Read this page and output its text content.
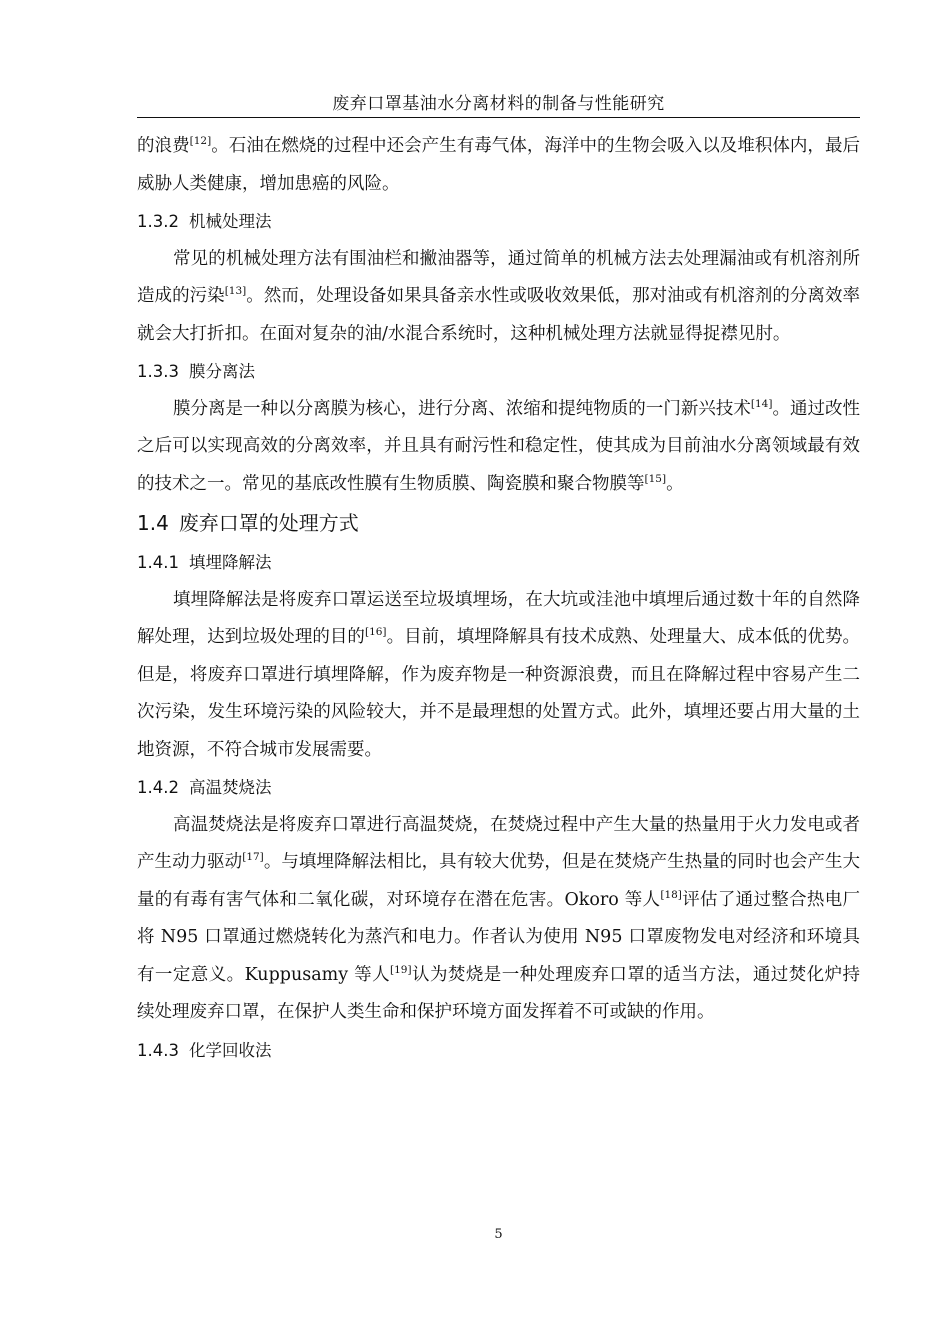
废弃口罩基油水分离材料的制备与性能研究

的浪费[12]。石油在燃烧的过程中还会产生有毒气体，海洋中的生物会吸入以及堆积体内，最后威胁人类健康，增加患癌的风险。

1.3.2 机械处理法

常见的机械处理方法有围油栏和撇油器等，通过简单的机械方法去处理漏油或有机溶剂所造成的污染[13]。然而，处理设备如果具备亲水性或吸收效果低，那对油或有机溶剂的分离效率就会大打折扣。在面对复杂的油/水混合系统时，这种机械处理方法就显得捉襟见肘。

1.3.3 膜分离法

膜分离是一种以分离膜为核心，进行分离、浓缩和提纯物质的一门新兴技术[14]。通过改性之后可以实现高效的分离效率，并且具有耐污性和稳定性，使其成为目前油水分离领域最有效的技术之一。常见的基底改性膜有生物质膜、陶瓷膜和聚合物膜等[15]。

1.4 废弃口罩的处理方式
1.4.1 填埋降解法

填埋降解法是将废弃口罩运送至垃圾填埋场，在大坑或洼池中填埋后通过数十年的自然降解处理，达到垃圾处理的目的[16]。目前，填埋降解具有技术成熟、处理量大、成本低的优势。但是，将废弃口罩进行填埋降解，作为废弃物是一种资源浪费，而且在降解过程中容易产生二次污染，发生环境污染的风险较大，并不是最理想的处置方式。此外，填埋还要占用大量的土地资源，不符合城市发展需要。

1.4.2 高温焚烧法

高温焚烧法是将废弃口罩进行高温焚烧，在焚烧过程中产生大量的热量用于火力发电或者产生动力驱动[17]。与填埋降解法相比，具有较大优势，但是在焚烧产生热量的同时也会产生大量的有毒有害气体和二氧化碳，对环境存在潜在危害。Okoro 等人[18]评估了通过整合热电厂将 N95 口罩通过燃烧转化为蒸汽和电力。作者认为使用 N95 口罩废物发电对经济和环境具有一定意义。Kuppusamy 等人[19]认为焚烧是一种处理废弃口罩的适当方法，通过焚化炉持续处理废弃口罩，在保护人类生命和保护环境方面发挥着不可或缺的作用。

1.4.3 化学回收法
5
